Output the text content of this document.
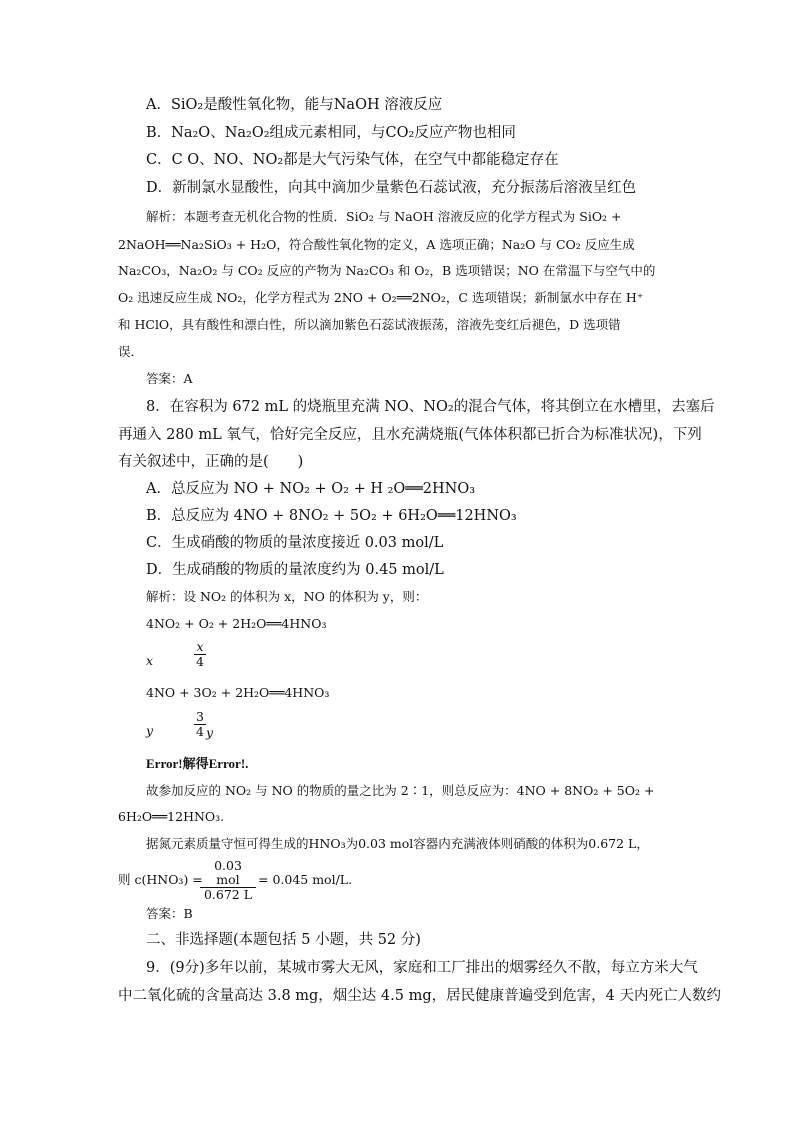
A．SiO₂是酸性氧化物，能与NaOH 溶液反应
B．Na₂O、Na₂O₂组成元素相同，与CO₂反应产物也相同
C．C O、NO、NO₂都是大气污染气体，在空气中都能稳定存在
D．新制氯水显酸性，向其中滴加少量紫色石蕊试液，充分振荡后溶液呈红色
解析：本题考查无机化合物的性质．SiO₂ 与 NaOH 溶液反应的化学方程式为 SiO₂ +
2NaOH══Na₂SiO₃ + H₂O，符合酸性氧化物的定义，A 选项正确；Na₂O 与 CO₂ 反应生成
Na₂CO₃，Na₂O₂ 与 CO₂ 反应的产物为 Na₂CO₃ 和 O₂，B 选项错误；NO 在常温下与空气中的
O₂ 迅速反应生成 NO₂，化学方程式为 2NO + O₂══2NO₂，C 选项错误；新制氯水中存在 H⁺
和 HClO，具有酸性和漂白性，所以滴加紫色石蕊试液振荡，溶液先变红后褪色，D 选项错
误．
答案：A
8．在容积为 672 mL 的烧瓶里充满 NO、NO₂的混合气体，将其倒立在水槽里，去塞后
再通入 280 mL 氧气，恰好完全反应，且水充满烧瓶(气体体积都已折合为标准状况)，下列
有关叙述中，正确的是(　　)
A．总反应为 NO + NO₂ + O₂ + H ₂O══2HNO₃
B．总反应为 4NO + 8NO₂ + 5O₂ + 6H₂O══12HNO₃
C．生成硝酸的物质的量浓度接近 0.03 mol/L
D．生成硝酸的物质的量浓度约为 0.45 mol/L
解析：设 NO₂ 的体积为 x，NO 的体积为 y，则：
4NO₂ + O₂ + 2H₂O══4HNO₃
x	$\frac{x}{4}$
4NO + 3O₂ + 2H₂O══4HNO₃
y	$\frac{3}{4}$ y
Error!解得Error!.
故参加反应的 NO₂ 与 NO 的物质的量之比为 2∶1，则总反应为：4NO + 8NO₂ + 5O₂ +
6H₂O══12HNO₃.
据氮元素质量守恒可得生成的HNO₃为0.03 mol容器内充满液体则硝酸的体积为0.672 L，
则 c(HNO₃) =
0.03 mol
0.672 L
= 0.045 mol/L.
答案：B
二、非选择题(本题包括 5 小题，共 52 分)
9．(9分)多年以前，某城市雾大无风，家庭和工厂排出的烟雾经久不散，每立方米大气
中二氧化硫的含量高达 3.8 mg，烟尘达 4.5 mg，居民健康普遍受到危害，4 天内死亡人数约
